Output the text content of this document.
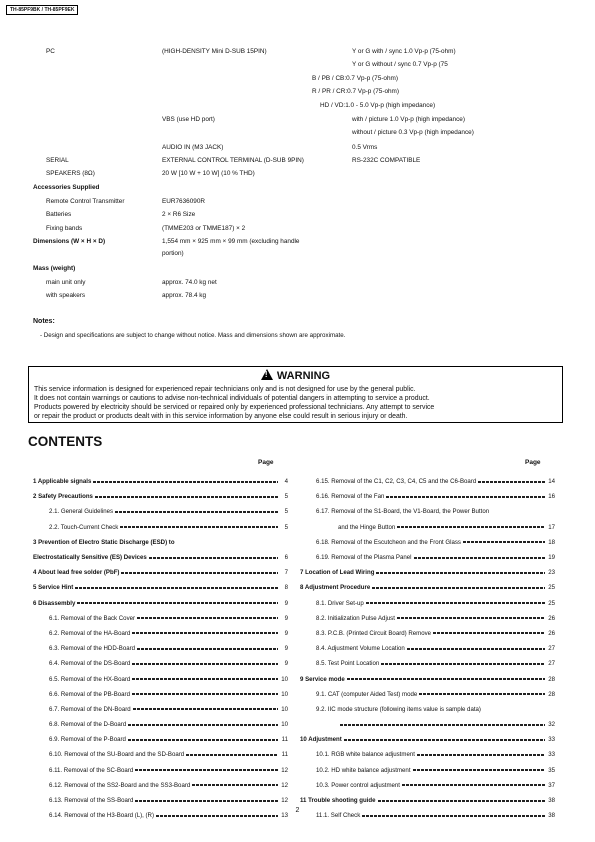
TH-85PF9BK / TH-85PF9EK
PC	(HIGH-DENSITY Mini D-SUB 15PIN)	Y or G with / sync 1.0 Vp-p (75-ohm)
Y or G without / sync 0.7 Vp-p (75
B / PB / CB:0.7 Vp-p (75-ohm)
R / PR / CR:0.7 Vp-p (75-ohm)
HD / VD:1.0 - 5.0 Vp-p (high impedance)
VBS (use HD port)	with / picture 1.0 Vp-p (high impedance)
without / picture 0.3 Vp-p (high impedance)
AUDIO IN (M3 JACK)	0.5 Vrms
SERIAL	EXTERNAL CONTROL TERMINAL (D-SUB 9PIN)	RS-232C COMPATIBLE
SPEAKERS (8Ω)	20 W [10 W + 10 W] (10 % THD)
Accessories Supplied
Remote Control Transmitter	EUR7636090R
Batteries	2 × R6 Size
Fixing bands	(TMME203 or TMME187) × 2
Dimensions (W × H × D)	1,554 mm × 925 mm × 99 mm (excluding handle
portion)
Mass (weight)
main unit only	approx. 74.0 kg net
with speakers	approx. 78.4 kg
Notes:
- Design and specifications are subject to change without notice. Mass and dimensions shown are approximate.
!WARNING
This service information is designed for experienced repair technicians only and is not designed for use by the general public.
It does not contain warnings or cautions to advise non-technical individuals of potential dangers in attempting to service a product.
Products powered by electricity should be serviced or repaired only by experienced professional technicians. Any attempt to service
or repair the product or products dealt with in this service information by anyone else could result in serious injury or death.
CONTENTS
Page	Page
1 Applicable signals	4
2 Safety Precautions	5
2.1. General Guidelines	5
2.2. Touch-Current Check	5
3 Prevention of Electro Static Discharge (ESD) to
Electrostatically Sensitive (ES) Devices	6
4 About lead free solder (PbF)	7
5 Service Hint	8
6 Disassembly	9
6.1. Removal of the Back Cover	9
6.2. Removal of the HA-Board	9
6.3. Removal of the HDD-Board	9
6.4. Removal of the DS-Board	9
6.5. Removal of the HX-Board	10
6.6. Removal of the PB-Board	10
6.7. Removal of the DN-Board	10
6.8. Removal of the D-Board	10
6.9. Removal of the P-Board	11
6.10. Removal of the SU-Board and the SD-Board	11
6.11. Removal of the SC-Board	12
6.12. Removal of the SS2-Board and the SS3-Board	12
6.13. Removal of the SS-Board	12
6.14. Removal of the H3-Board (L), (R)	13
6.15. Removal of the C1, C2, C3, C4, C5 and the C6-Board	14
6.16. Removal of the Fan	16
6.17. Removal of the S1-Board, the V1-Board, the Power Button
and the Hinge Button	17
6.18. Removal of the Escutcheon and the Front Glass	18
6.19. Removal of the Plasma Panel	19
7 Location of Lead Wiring	23
8 Adjustment Procedure	25
8.1. Driver Set-up	25
8.2. Initialization Pulse Adjust	26
8.3. P.C.B. (Printed Circuit Board) Remove	26
8.4. Adjustment Volume Location	27
8.5. Test Point Location	27
9 Service mode	28
9.1. CAT (computer Aided Test) mode	28
9.2. IIC mode structure (following items value is sample data)
32
10 Adjustment	33
10.1. RGB white balance adjustment	33
10.2. HD white balance adjustment	35
10.3. Power control adjustment	37
11 Trouble shooting guide	38
11.1. Self Check	38
2
